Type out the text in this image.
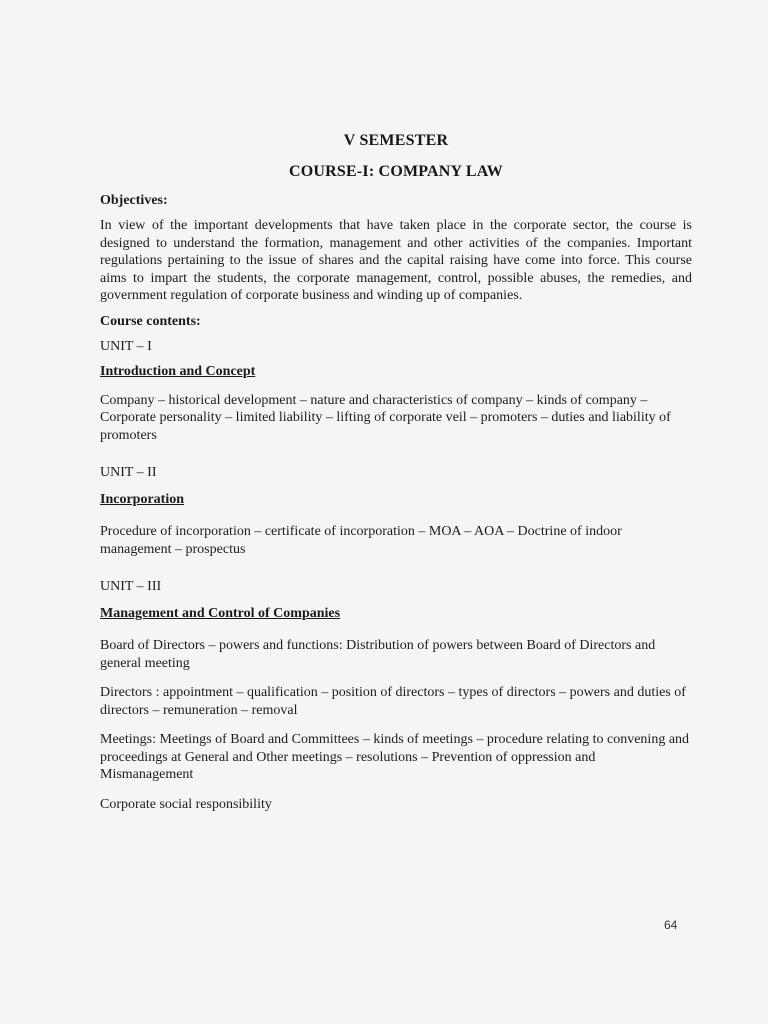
V SEMESTER

COURSE-I: COMPANY LAW

Objectives:

In view of the important developments that have taken place in the corporate sector, the course is designed to understand the formation, management and other activities of the companies. Important regulations pertaining to the issue of shares and the capital raising have come into force. This course aims to impart the students, the corporate management, control, possible abuses, the remedies, and government regulation of corporate business and winding up of companies.

Course contents:

UNIT – I

Introduction and Concept

Company – historical development – nature and characteristics of company – kinds of company – Corporate personality – limited liability – lifting of corporate veil – promoters – duties and liability of promoters

UNIT – II

Incorporation

Procedure of incorporation – certificate of incorporation – MOA – AOA – Doctrine of indoor management – prospectus

UNIT – III

Management and Control of Companies

Board of Directors – powers and functions: Distribution of powers between Board of Directors and general meeting

Directors : appointment – qualification – position of directors – types of directors – powers and duties of directors – remuneration – removal

Meetings: Meetings of Board and Committees – kinds of meetings – procedure relating to convening and proceedings at General and Other meetings – resolutions – Prevention of oppression and Mismanagement

Corporate social responsibility

64
